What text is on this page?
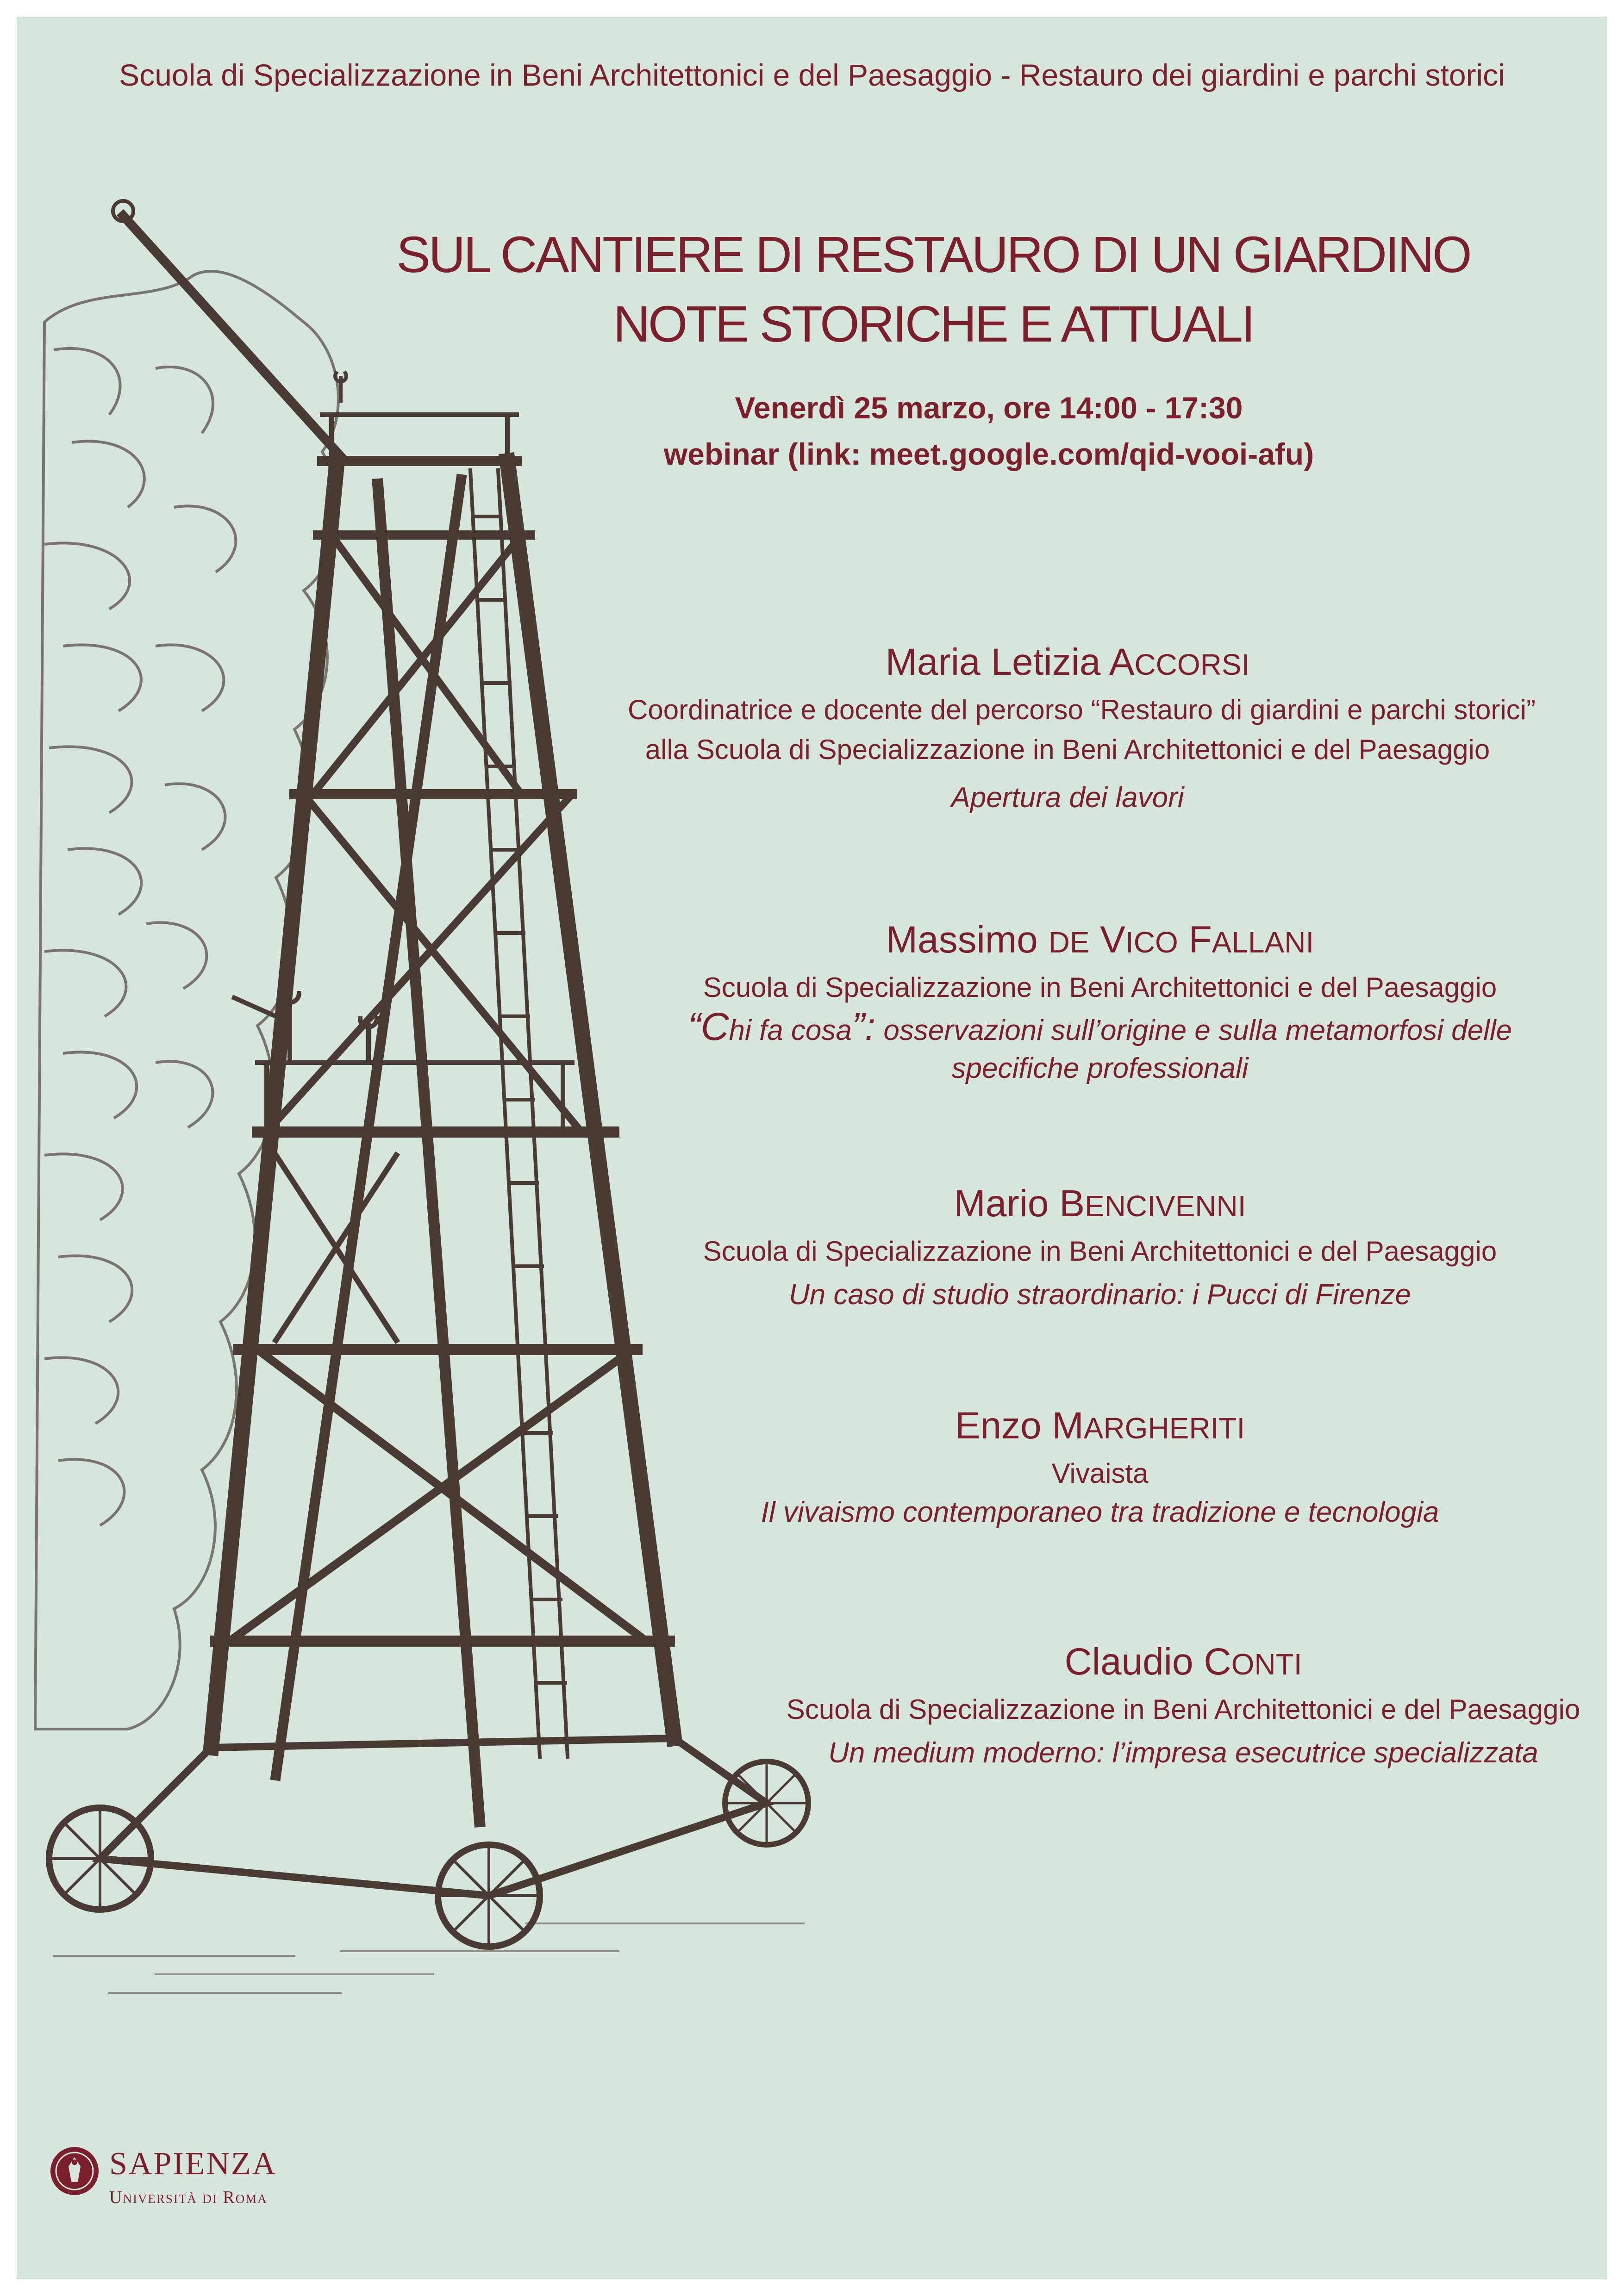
Scuola di Specializzazione in Beni Architettonici e del Paesaggio - Restauro dei giardini e parchi storici
SUL CANTIERE DI RESTAURO DI UN GIARDINO
NOTE STORICHE E ATTUALI
Venerdì 25 marzo, ore 14:00 - 17:30
webinar (link: meet.google.com/qid-vooi-afu)
Maria Letizia ACCORSI
Coordinatrice e docente del percorso “Restauro di giardini e parchi storici”
alla Scuola di Specializzazione in Beni Architettonici e del Paesaggio
Apertura dei lavori
Massimo DE VICO FALLANI
Scuola di Specializzazione in Beni Architettonici e del Paesaggio
“Chi fa cosa”: osservazioni sull’origine e sulla metamorfosi delle
specifiche professionali
Mario BENCIVENNI
Scuola di Specializzazione in Beni Architettonici e del Paesaggio
Un caso di studio straordinario: i Pucci di Firenze
Enzo MARGHERITI
Vivaista
Il vivaismo contemporaneo tra tradizione e tecnologia
Claudio CONTI
Scuola di Specializzazione in Beni Architettonici e del Paesaggio
Un medium moderno: l’impresa esecutrice specializzata
SAPIENZA
Università di Roma
